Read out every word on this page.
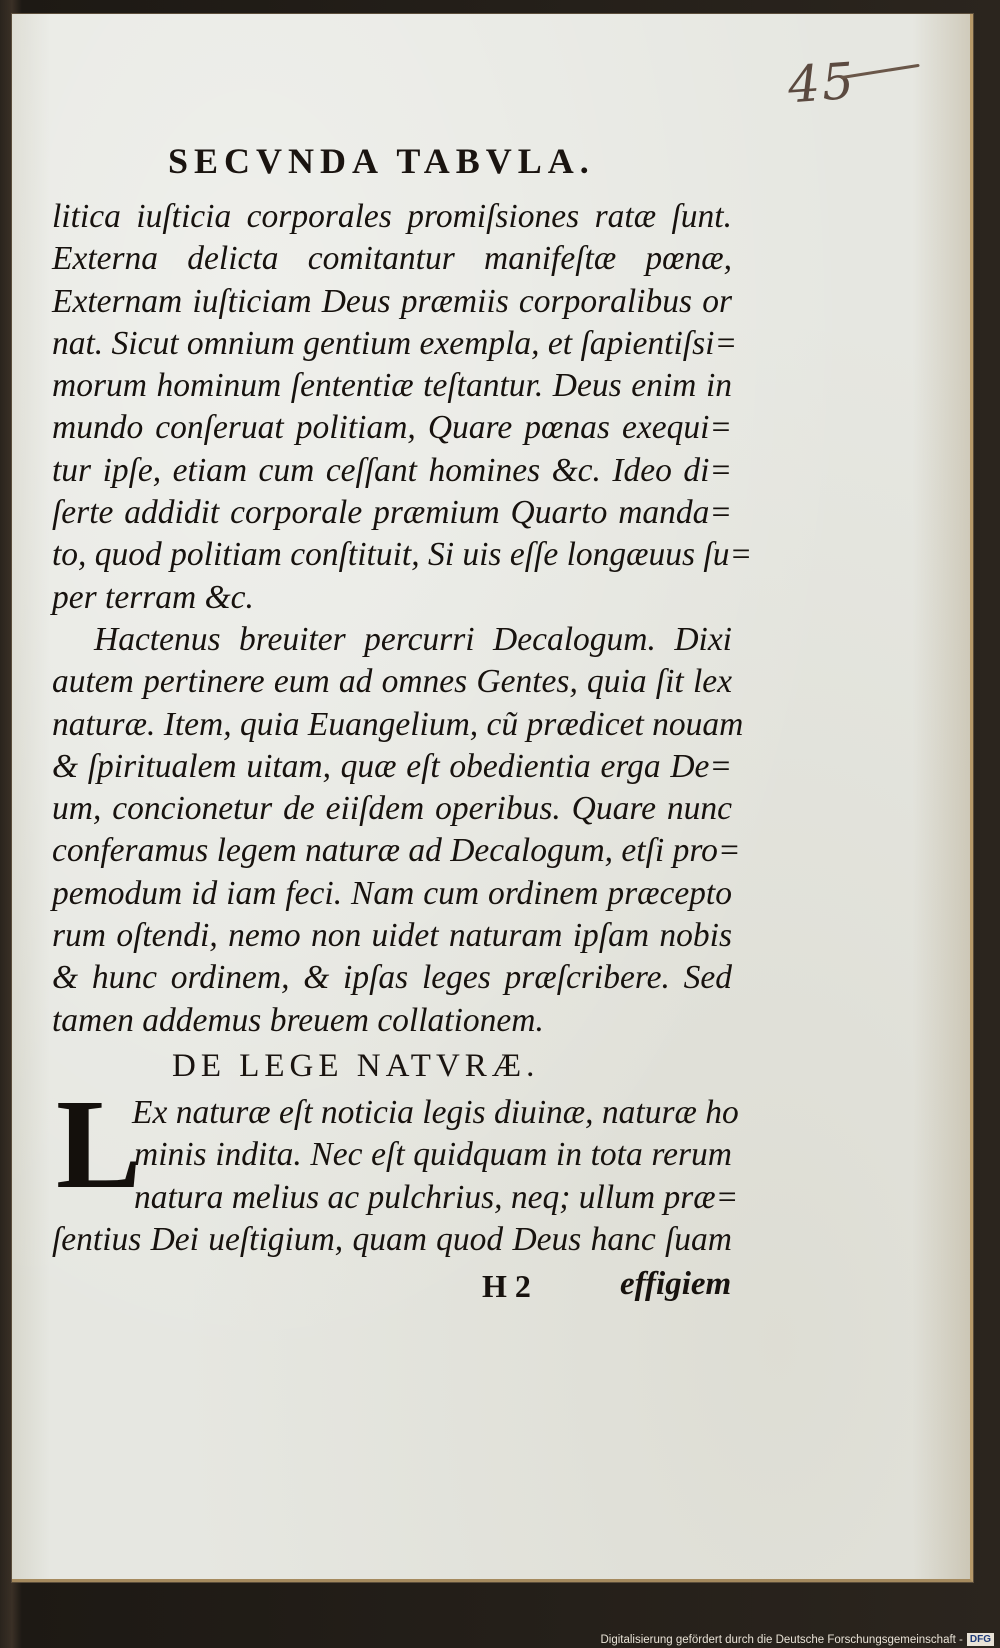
45
SECVNDA TABVLA.
litica iuſticia corporales promiſsiones ratæ ſunt.
Externa delicta comitantur manifeſtæ pœnæ,
Externam iuſticiam Deus præmiis corporalibus or
nat. Sicut omnium gentium exempla, et ſapientiſsi=
morum hominum ſententiæ teſtantur. Deus enim in
mundo conſeruat politiam, Quare pœnas exequi=
tur ipſe, etiam cum ceſſant homines &c. Ideo di=
ſerte addidit corporale præmium Quarto manda=
to, quod politiam conſtituit, Si uis eſſe longæuus ſu=
per terram &c.
Hactenus breuiter percurri Decalogum. Dixi
autem pertinere eum ad omnes Gentes, quia ſit lex
naturæ. Item, quia Euangelium, cũ prædicet nouam
& ſpiritualem uitam, quæ eſt obedientia erga De=
um, concionetur de eiiſdem operibus. Quare nunc
conferamus legem naturæ ad Decalogum, etſi pro=
pemodum id iam feci. Nam cum ordinem præcepto
rum oſtendi, nemo non uidet naturam ipſam nobis
& hunc ordinem, & ipſas leges præſcribere. Sed
tamen addemus breuem collationem.
DE LEGE NATVRÆ.
L
Ex naturæ eſt noticia legis diuinæ, naturæ ho
minis indita. Nec eſt quidquam in tota rerum
natura melius ac pulchrius, neq; ullum præ=
ſentius Dei ueſtigium, quam quod Deus hanc ſuam
H 2	effigiem
Digitalisierung gefördert durch die Deutsche Forschungsgemeinschaft - DFG
